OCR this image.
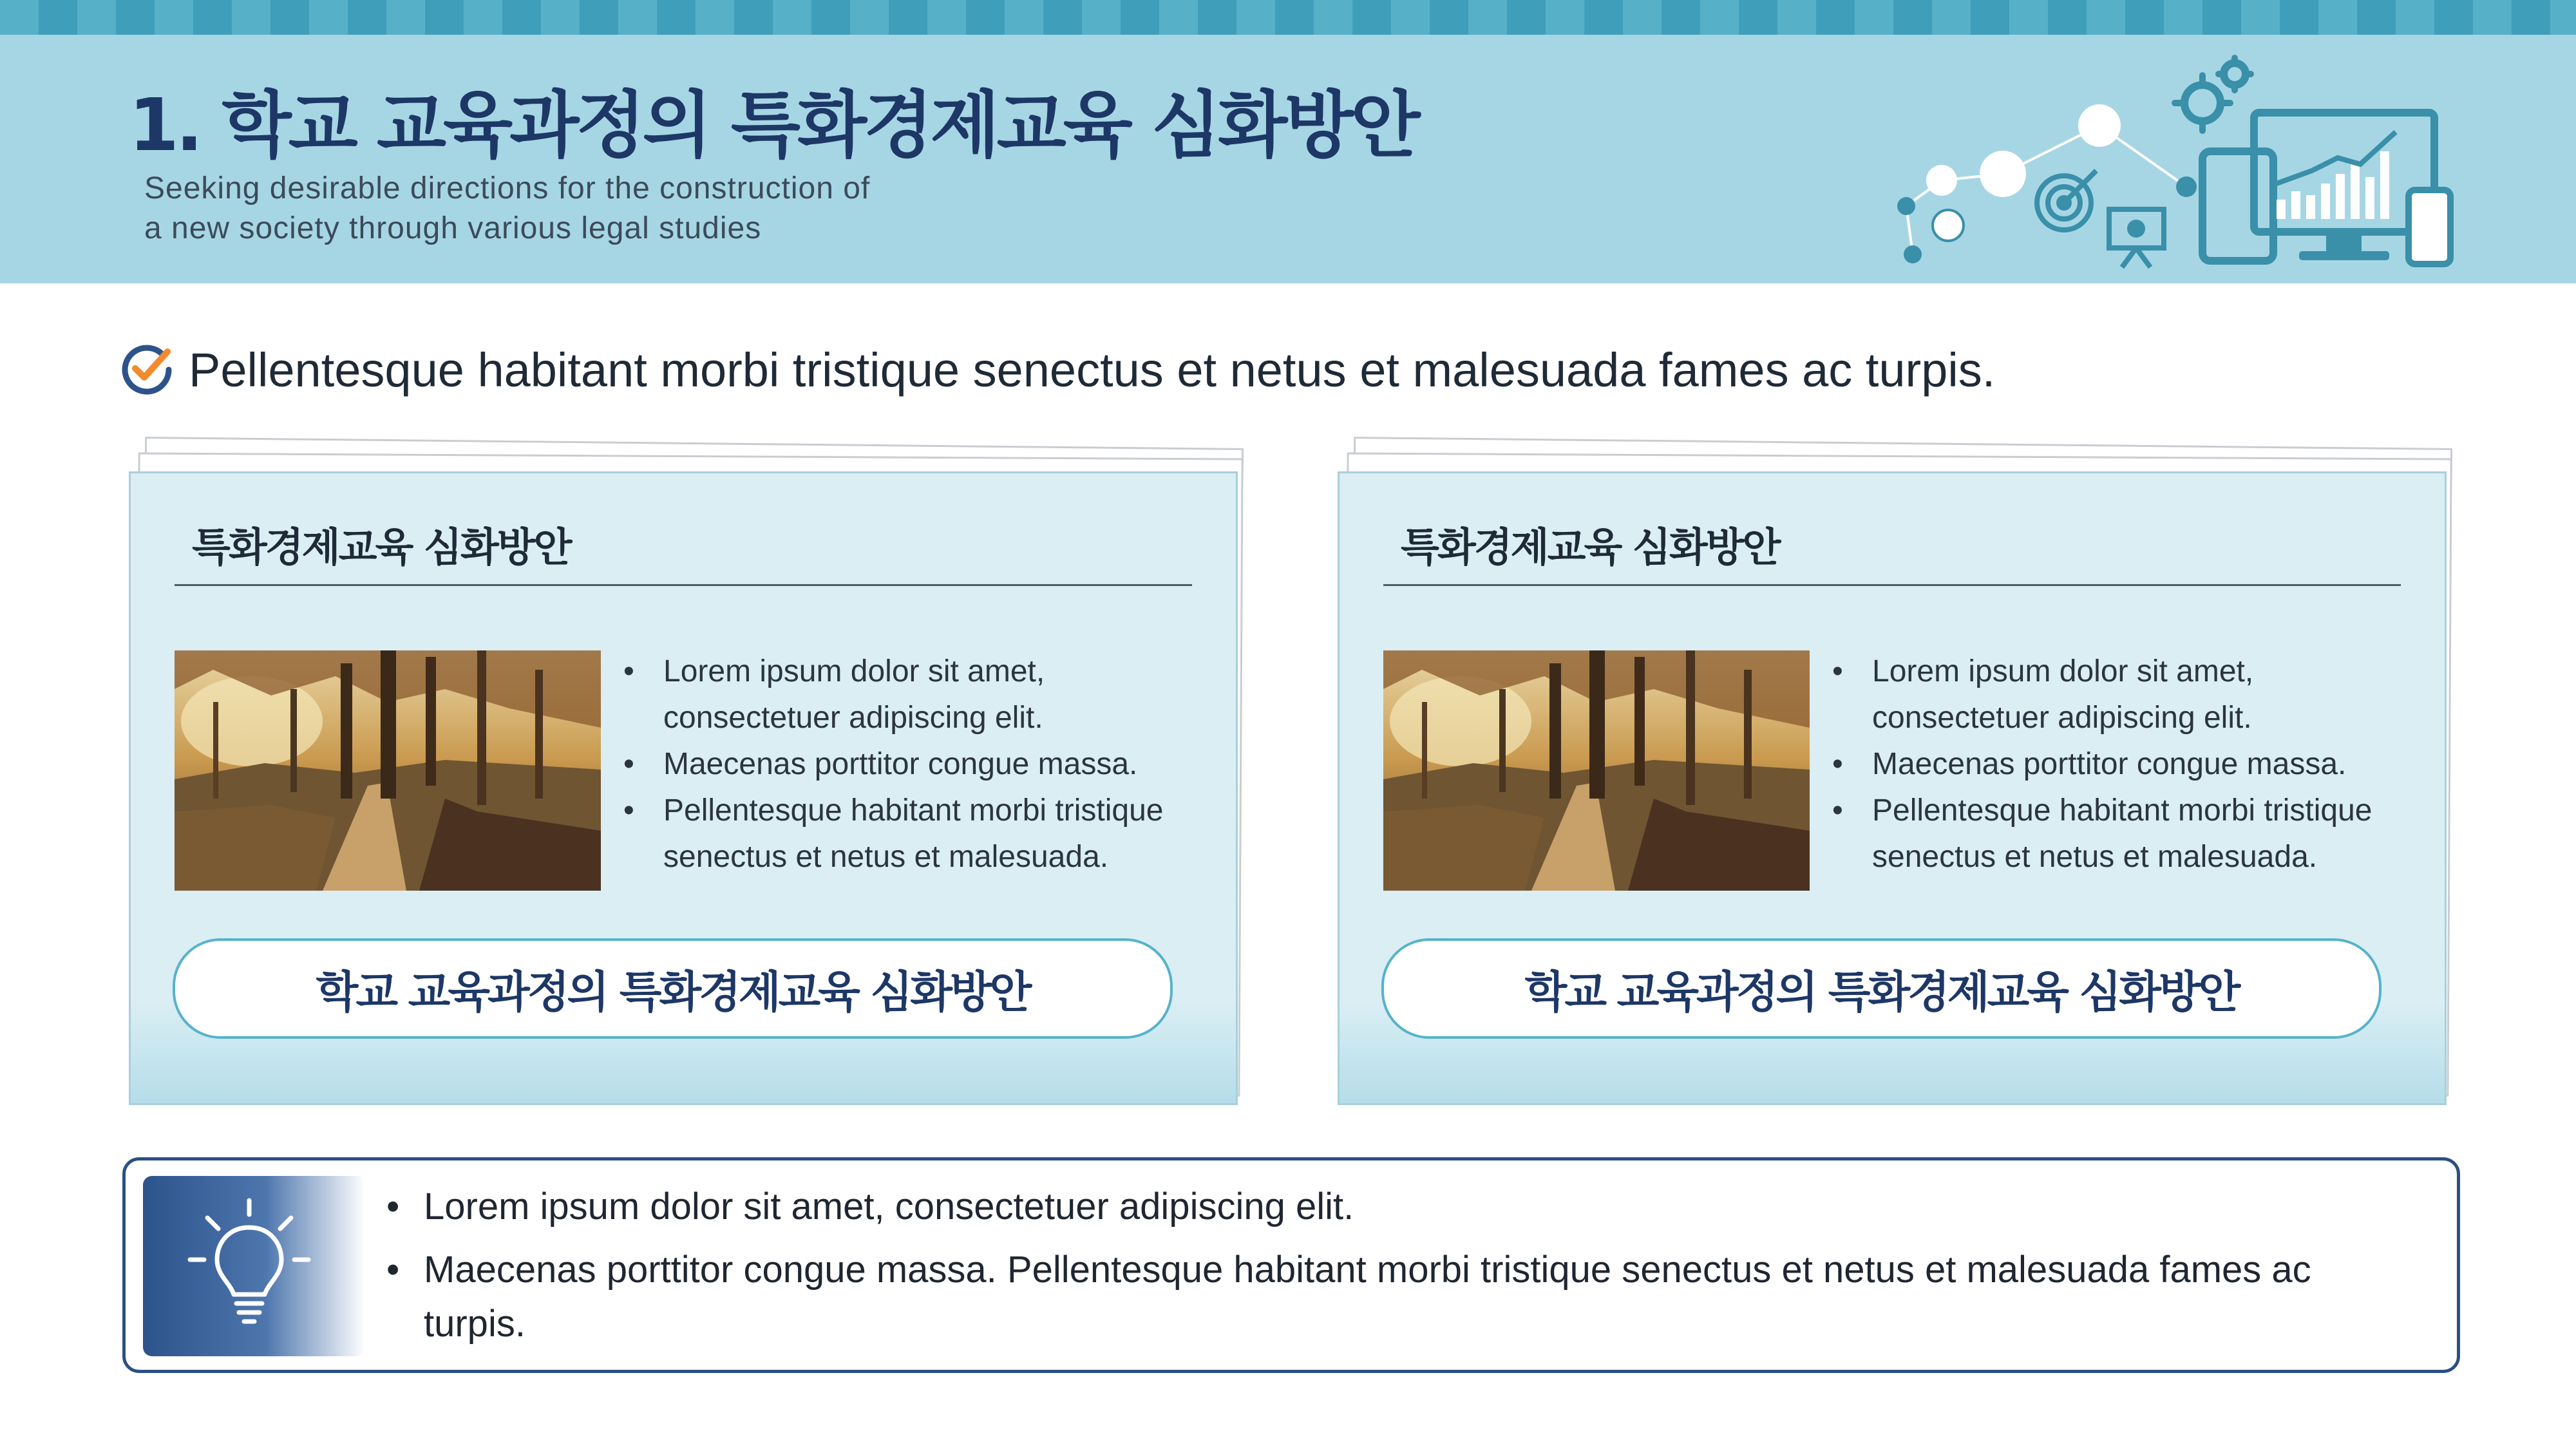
1. 학교 교육과정의 특화경제교육 심화방안
Seeking desirable directions for the construction of
a new society through various legal studies
Pellentesque habitant morbi tristique senectus et netus et malesuada fames ac turpis.
특화경제교육 심화방안
• Lorem ipsum dolor sit amet, consectetuer adipiscing elit.
• Maecenas porttitor congue massa.
• Pellentesque habitant morbi tristique senectus et netus et malesuada.
학교 교육과정의 특화경제교육 심화방안
특화경제교육 심화방안
• Lorem ipsum dolor sit amet, consectetuer adipiscing elit.
• Maecenas porttitor congue massa.
• Pellentesque habitant morbi tristique senectus et netus et malesuada.
학교 교육과정의 특화경제교육 심화방안
• Lorem ipsum dolor sit amet, consectetuer adipiscing elit.
• Maecenas porttitor congue massa. Pellentesque habitant morbi tristique senectus et netus et malesuada fames ac turpis.
